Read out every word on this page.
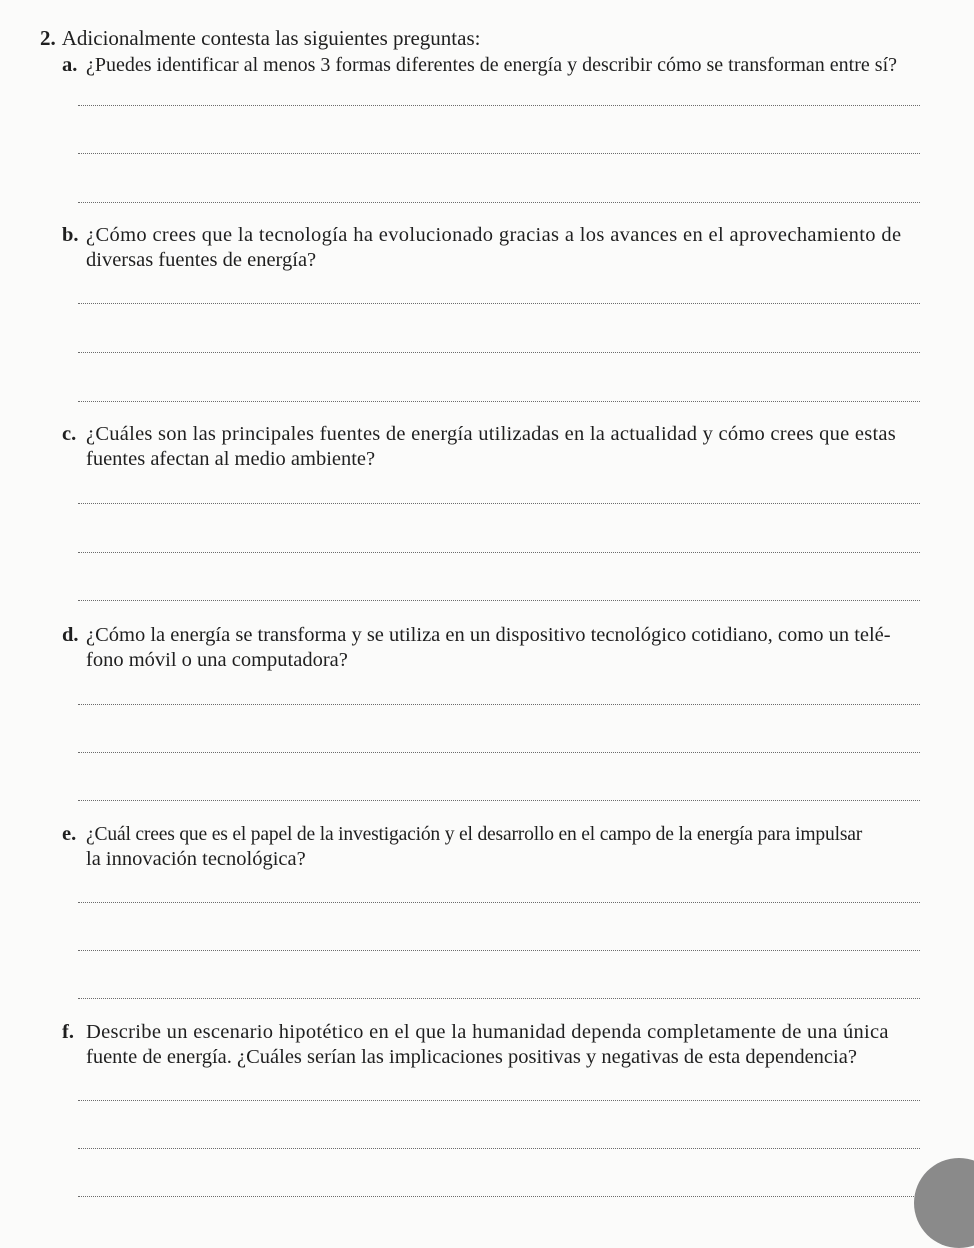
2. Adicionalmente contesta las siguientes preguntas:
a. ¿Puedes identificar al menos 3 formas diferentes de energía y describir cómo se transforman entre sí?
b. ¿Cómo crees que la tecnología ha evolucionado gracias a los avances en el aprovechamiento de
diversas fuentes de energía?
c. ¿Cuáles son las principales fuentes de energía utilizadas en la actualidad y cómo crees que estas
fuentes afectan al medio ambiente?
d. ¿Cómo la energía se transforma y se utiliza en un dispositivo tecnológico cotidiano, como un telé-
fono móvil o una computadora?
e. ¿Cuál crees que es el papel de la investigación y el desarrollo en el campo de la energía para impulsar
la innovación tecnológica?
f. Describe un escenario hipotético en el que la humanidad dependa completamente de una única
fuente de energía. ¿Cuáles serían las implicaciones positivas y negativas de esta dependencia?
